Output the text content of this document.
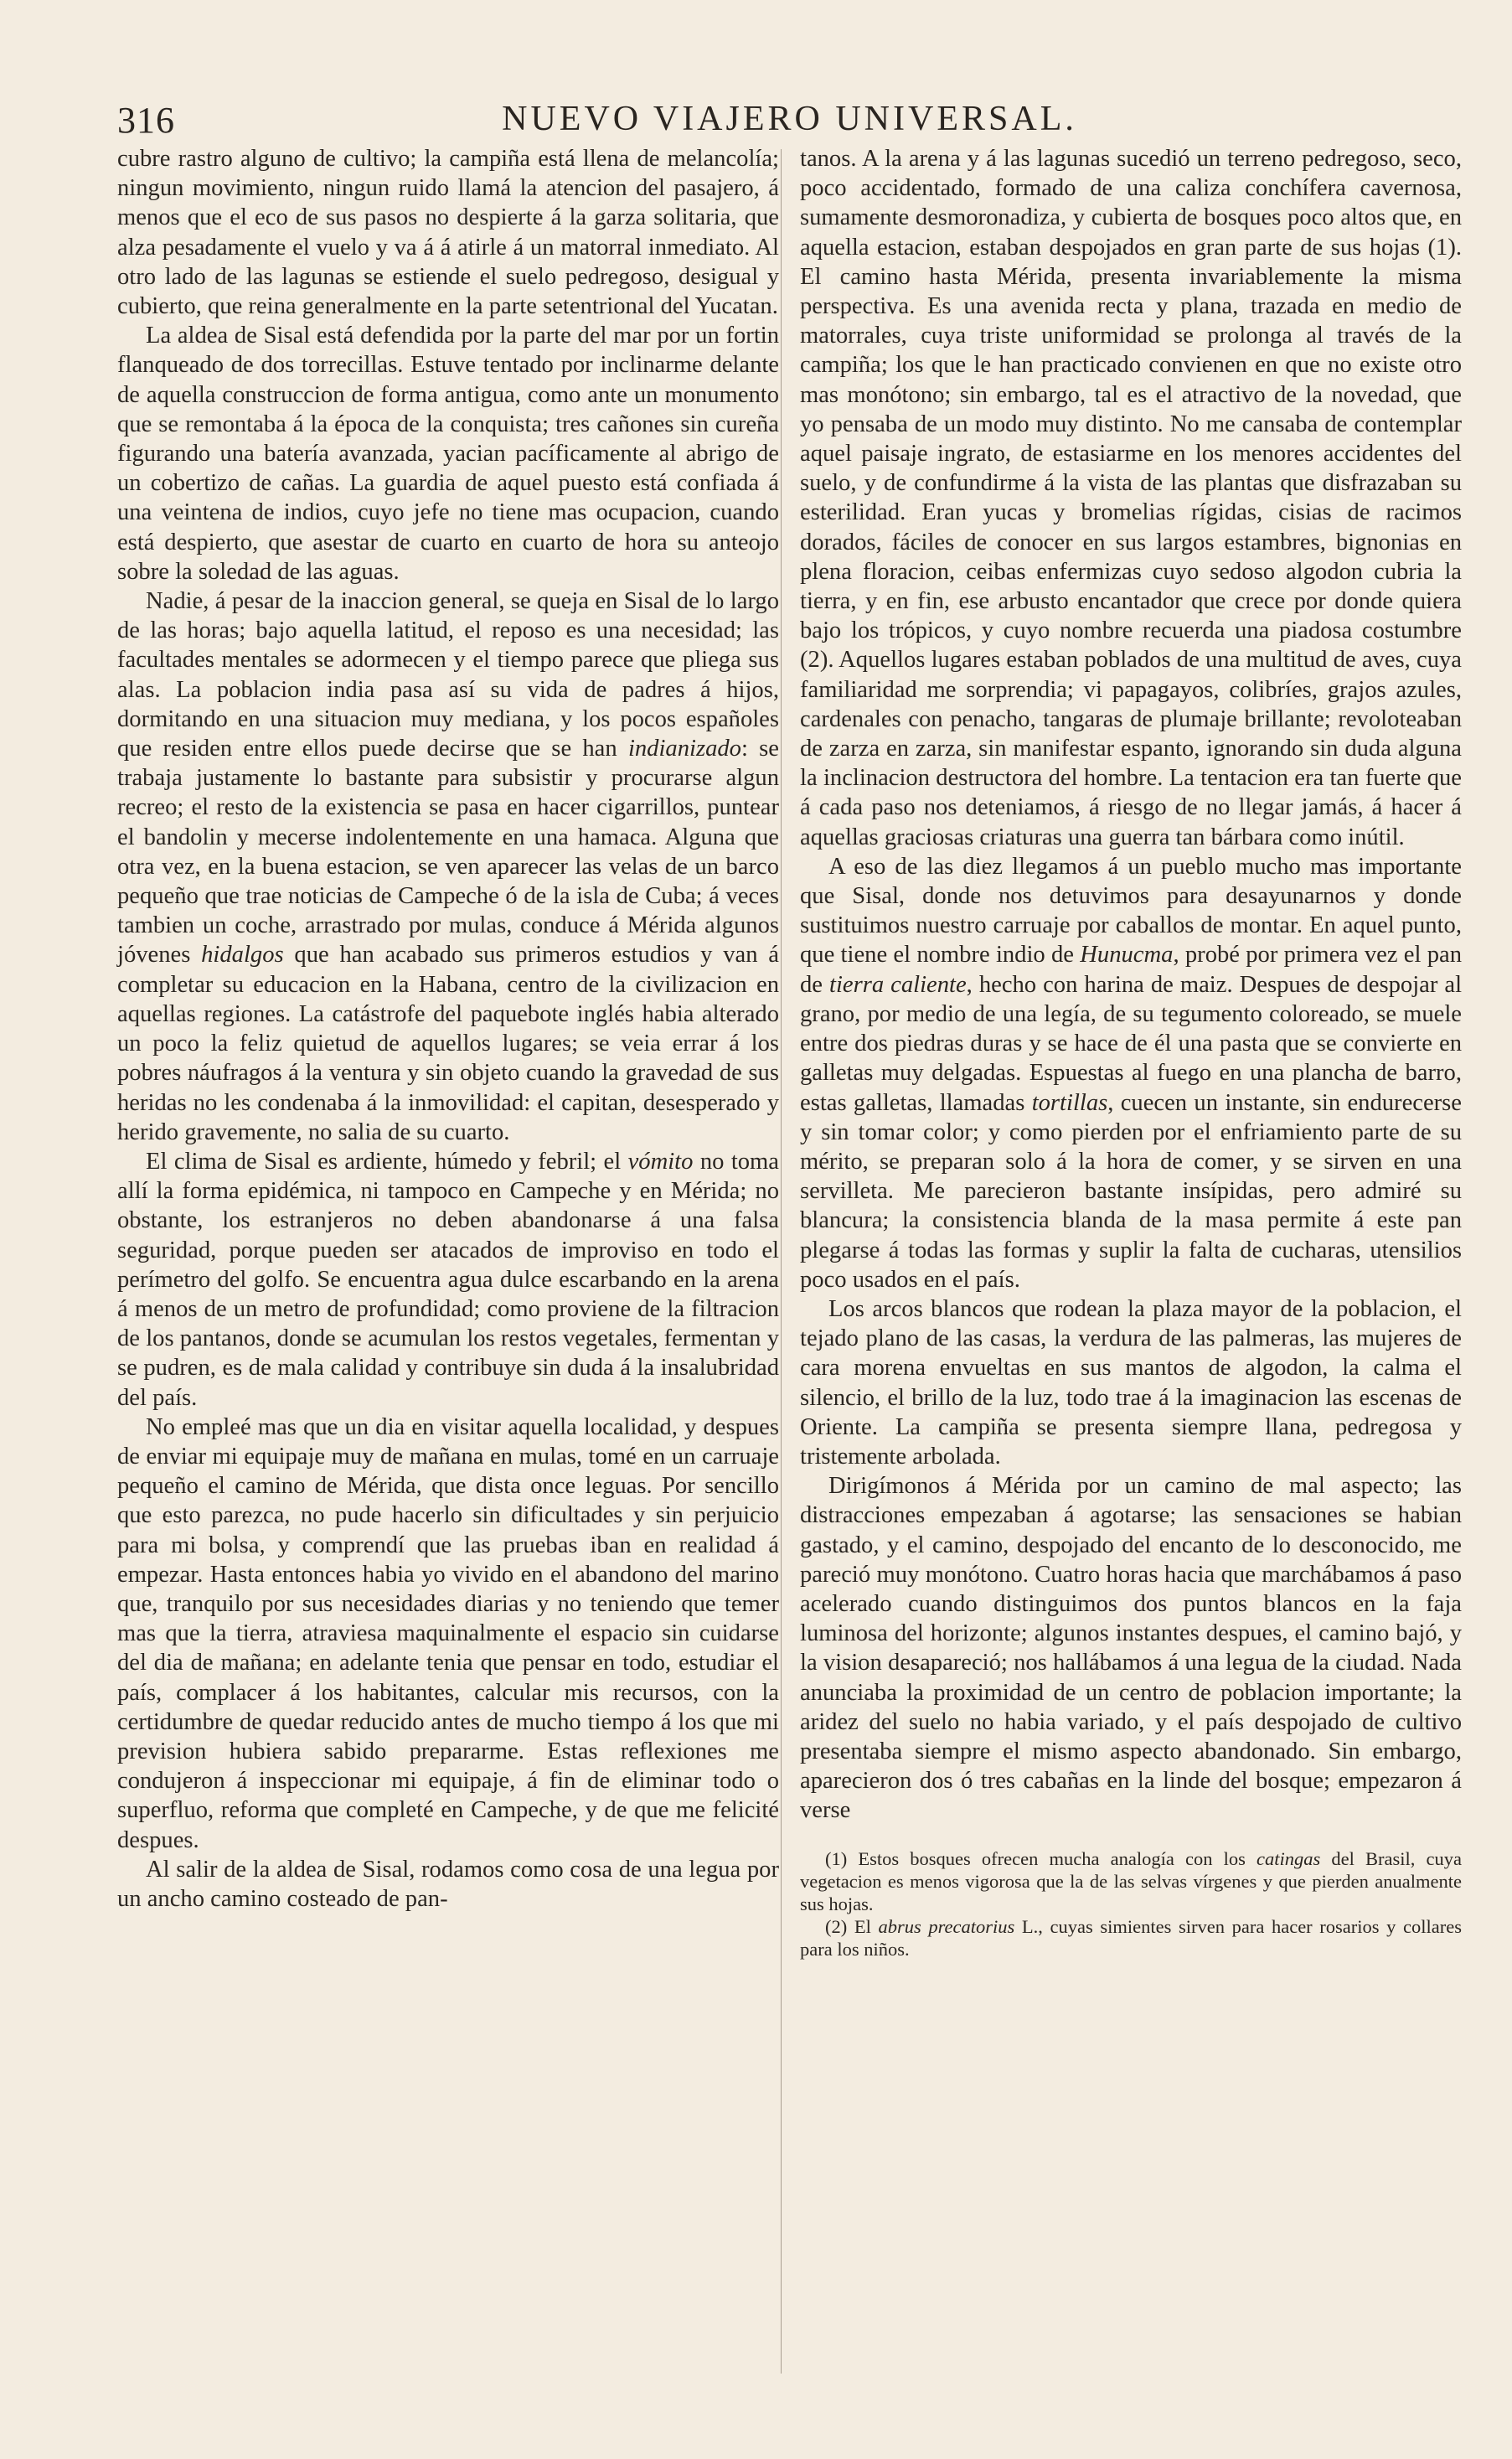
316	NUEVO VIAJERO UNIVERSAL.

cubre rastro alguno de cultivo; la campiña está llena de melancolía; ningun movimiento, ningun ruido llamá la atencion del pasajero, á menos que el eco de sus pasos no despierte á la garza solitaria, que alza pesadamente el vuelo y va á á atirle á un matorral inmediato. Al otro lado de las lagunas se estiende el suelo pedregoso, desigual y cubierto, que reina generalmente en la parte setentrional del Yucatan.

La aldea de Sisal está defendida por la parte del mar por un fortin flanqueado de dos torrecillas. Estuve tentado por inclinarme delante de aquella construccion de forma antigua, como ante un monumento que se remontaba á la época de la conquista; tres cañones sin cureña figurando una batería avanzada, yacian pacíficamente al abrigo de un cobertizo de cañas. La guardia de aquel puesto está confiada á una veintena de indios, cuyo jefe no tiene mas ocupacion, cuando está despierto, que asestar de cuarto en cuarto de hora su anteojo sobre la soledad de las aguas.

Nadie, á pesar de la inaccion general, se queja en Sisal de lo largo de las horas; bajo aquella latitud, el reposo es una necesidad; las facultades mentales se adormecen y el tiempo parece que pliega sus alas. La poblacion india pasa así su vida de padres á hijos, dormitando en una situacion muy mediana, y los pocos españoles que residen entre ellos puede decirse que se han indianizado: se trabaja justamente lo bastante para subsistir y procurarse algun recreo; el resto de la existencia se pasa en hacer cigarrillos, puntear el bandolin y mecerse indolentemente en una hamaca. Alguna que otra vez, en la buena estacion, se ven aparecer las velas de un barco pequeño que trae noticias de Campeche ó de la isla de Cuba; á veces tambien un coche, arrastrado por mulas, conduce á Mérida algunos jóvenes hidalgos que han acabado sus primeros estudios y van á completar su educacion en la Habana, centro de la civilizacion en aquellas regiones. La catástrofe del paquebote inglés habia alterado un poco la feliz quietud de aquellos lugares; se veia errar á los pobres náufragos á la ventura y sin objeto cuando la gravedad de sus heridas no les condenaba á la inmovilidad: el capitan, desesperado y herido gravemente, no salia de su cuarto.

El clima de Sisal es ardiente, húmedo y febril; el vómito no toma allí la forma epidémica, ni tampoco en Campeche y en Mérida; no obstante, los estranjeros no deben abandonarse á una falsa seguridad, porque pueden ser atacados de improviso en todo el perímetro del golfo. Se encuentra agua dulce escarbando en la arena á menos de un metro de profundidad; como proviene de la filtracion de los pantanos, donde se acumulan los restos vegetales, fermentan y se pudren, es de mala calidad y contribuye sin duda á la insalubridad del país.

No empleé mas que un dia en visitar aquella localidad, y despues de enviar mi equipaje muy de mañana en mulas, tomé en un carruaje pequeño el camino de Mérida, que dista once leguas. Por sencillo que esto parezca, no pude hacerlo sin dificultades y sin perjuicio para mi bolsa, y comprendí que las pruebas iban en realidad á empezar. Hasta entonces habia yo vivido en el abandono del marino que, tranquilo por sus necesidades diarias y no teniendo que temer mas que la tierra, atraviesa maquinalmente el espacio sin cuidarse del dia de mañana; en adelante tenia que pensar en todo, estudiar el país, complacer á los habitantes, calcular mis recursos, con la certidumbre de quedar reducido antes de mucho tiempo á los que mi prevision hubiera sabido prepararme. Estas reflexiones me condujeron á inspeccionar mi equipaje, á fin de eliminar todo o superfluo, reforma que completé en Campeche, y de que me felicité despues.

Al salir de la aldea de Sisal, rodamos como cosa de una legua por un ancho camino costeado de pan-

tanos. A la arena y á las lagunas sucedió un terreno pedregoso, seco, poco accidentado, formado de una caliza conchífera cavernosa, sumamente desmoronadiza, y cubierta de bosques poco altos que, en aquella estacion, estaban despojados en gran parte de sus hojas (1). El camino hasta Mérida, presenta invariablemente la misma perspectiva. Es una avenida recta y plana, trazada en medio de matorrales, cuya triste uniformidad se prolonga al través de la campiña; los que le han practicado convienen en que no existe otro mas monótono; sin embargo, tal es el atractivo de la novedad, que yo pensaba de un modo muy distinto. No me cansaba de contemplar aquel paisaje ingrato, de estasiarme en los menores accidentes del suelo, y de confundirme á la vista de las plantas que disfrazaban su esterilidad. Eran yucas y bromelias rígidas, cisias de racimos dorados, fáciles de conocer en sus largos estambres, bignonias en plena floracion, ceibas enfermizas cuyo sedoso algodon cubria la tierra, y en fin, ese arbusto encantador que crece por donde quiera bajo los trópicos, y cuyo nombre recuerda una piadosa costumbre (2). Aquellos lugares estaban poblados de una multitud de aves, cuya familiaridad me sorprendia; vi papagayos, colibríes, grajos azules, cardenales con penacho, tangaras de plumaje brillante; revoloteaban de zarza en zarza, sin manifestar espanto, ignorando sin duda alguna la inclinacion destructora del hombre. La tentacion era tan fuerte que á cada paso nos deteniamos, á riesgo de no llegar jamás, á hacer á aquellas graciosas criaturas una guerra tan bárbara como inútil.

A eso de las diez llegamos á un pueblo mucho mas importante que Sisal, donde nos detuvimos para desayunarnos y donde sustituimos nuestro carruaje por caballos de montar. En aquel punto, que tiene el nombre indio de Hunucma, probé por primera vez el pan de tierra caliente, hecho con harina de maiz. Despues de despojar al grano, por medio de una legía, de su tegumento coloreado, se muele entre dos piedras duras y se hace de él una pasta que se convierte en galletas muy delgadas. Espuestas al fuego en una plancha de barro, estas galletas, llamadas tortillas, cuecen un instante, sin endurecerse y sin tomar color; y como pierden por el enfriamiento parte de su mérito, se preparan solo á la hora de comer, y se sirven en una servilleta. Me parecieron bastante insípidas, pero admiré su blancura; la consistencia blanda de la masa permite á este pan plegarse á todas las formas y suplir la falta de cucharas, utensilios poco usados en el país.

Los arcos blancos que rodean la plaza mayor de la poblacion, el tejado plano de las casas, la verdura de las palmeras, las mujeres de cara morena envueltas en sus mantos de algodon, la calma el silencio, el brillo de la luz, todo trae á la imaginacion las escenas de Oriente. La campiña se presenta siempre llana, pedregosa y tristemente arbolada.

Dirigímonos á Mérida por un camino de mal aspecto; las distracciones empezaban á agotarse; las sensaciones se habian gastado, y el camino, despojado del encanto de lo desconocido, me pareció muy monótono. Cuatro horas hacia que marchábamos á paso acelerado cuando distinguimos dos puntos blancos en la faja luminosa del horizonte; algunos instantes despues, el camino bajó, y la vision desapareció; nos hallábamos á una legua de la ciudad. Nada anunciaba la proximidad de un centro de poblacion importante; la aridez del suelo no habia variado, y el país despojado de cultivo presentaba siempre el mismo aspecto abandonado. Sin embargo, aparecieron dos ó tres cabañas en la linde del bosque; empezaron á verse

(1) Estos bosques ofrecen mucha analogía con los catingas del Brasil, cuya vegetacion es menos vigorosa que la de las selvas vírgenes y que pierden anualmente sus hojas.

(2) El abrus precatorius L., cuyas simientes sirven para hacer rosarios y collares para los niños.
